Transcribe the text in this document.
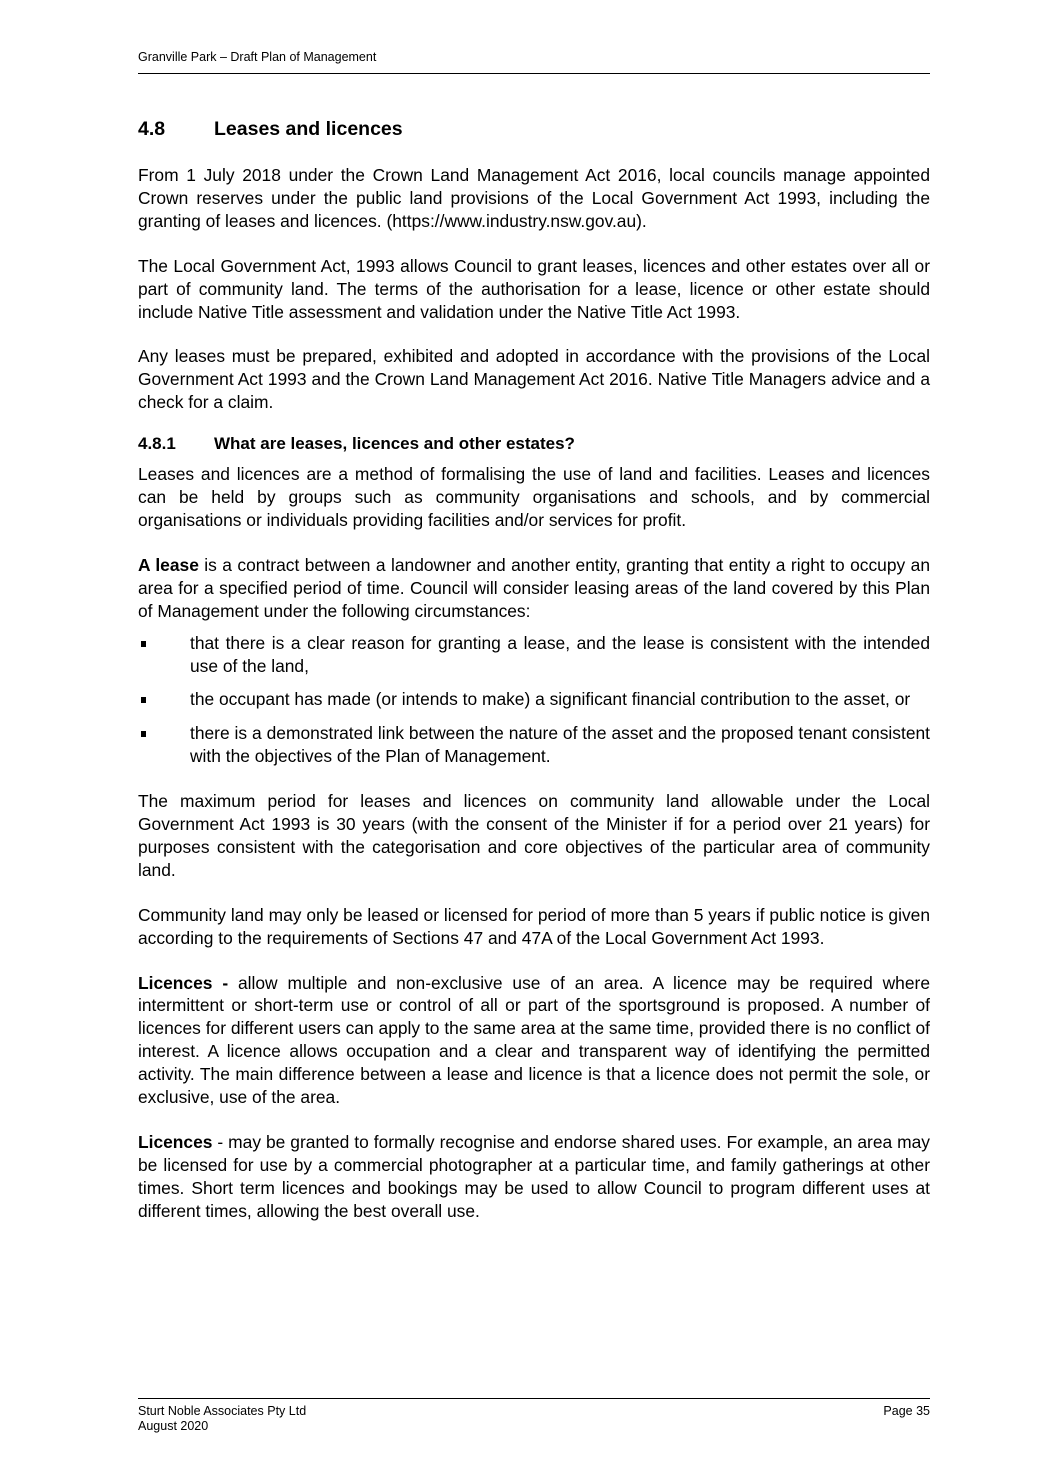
Granville Park – Draft Plan of Management
4.8	Leases and licences

From 1 July 2018 under the Crown Land Management Act 2016, local councils manage appointed Crown reserves under the public land provisions of the Local Government Act 1993, including the granting of leases and licences. (https://www.industry.nsw.gov.au).

The Local Government Act, 1993 allows Council to grant leases, licences and other estates over all or part of community land. The terms of the authorisation for a lease, licence or other estate should include Native Title assessment and validation under the Native Title Act 1993.

Any leases must be prepared, exhibited and adopted in accordance with the provisions of the Local Government Act 1993 and the Crown Land Management Act 2016. Native Title Managers advice and a check for a claim.

4.8.1 What are leases, licences and other estates?

Leases and licences are a method of formalising the use of land and facilities. Leases and licences can be held by groups such as community organisations and schools, and by commercial organisations or individuals providing facilities and/or services for profit.

A lease is a contract between a landowner and another entity, granting that entity a right to occupy an area for a specified period of time. Council will consider leasing areas of the land covered by this Plan of Management under the following circumstances:

that there is a clear reason for granting a lease, and the lease is consistent with the intended use of the land,
the occupant has made (or intends to make) a significant financial contribution to the asset, or
there is a demonstrated link between the nature of the asset and the proposed tenant consistent with the objectives of the Plan of Management.

The maximum period for leases and licences on community land allowable under the Local Government Act 1993 is 30 years (with the consent of the Minister if for a period over 21 years) for purposes consistent with the categorisation and core objectives of the particular area of community land.

Community land may only be leased or licensed for period of more than 5 years if public notice is given according to the requirements of Sections 47 and 47A of the Local Government Act 1993.

Licences - allow multiple and non-exclusive use of an area. A licence may be required where intermittent or short-term use or control of all or part of the sportsground is proposed. A number of licences for different users can apply to the same area at the same time, provided there is no conflict of interest. A licence allows occupation and a clear and transparent way of identifying the permitted activity. The main difference between a lease and licence is that a licence does not permit the sole, or exclusive, use of the area.

Licences - may be granted to formally recognise and endorse shared uses. For example, an area may be licensed for use by a commercial photographer at a particular time, and family gatherings at other times. Short term licences and bookings may be used to allow Council to program different uses at different times, allowing the best overall use.

Sturt Noble Associates Pty Ltd
August 2020
Page 35
